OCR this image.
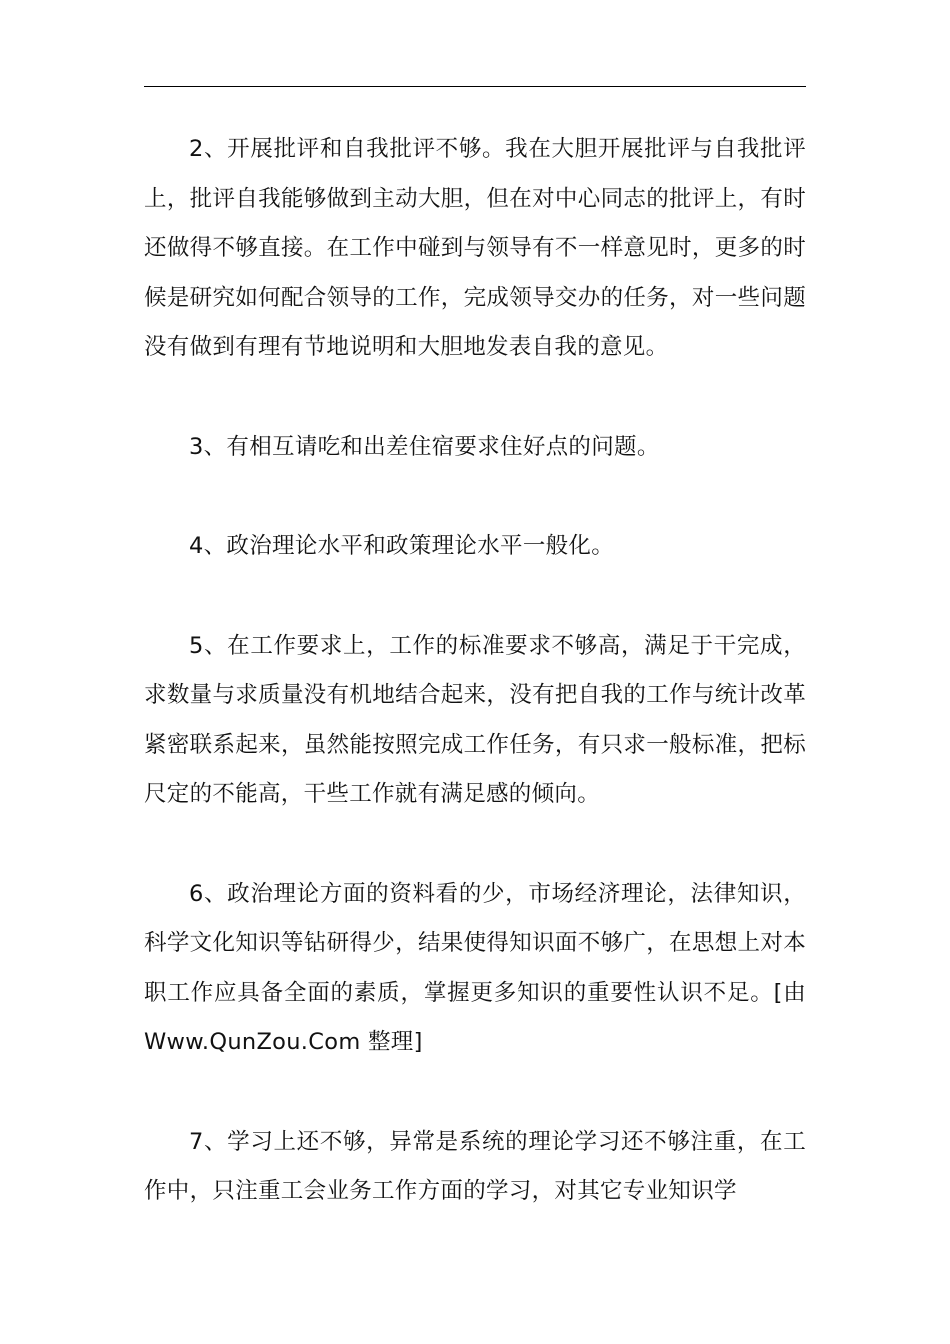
2、开展批评和自我批评不够。我在大胆开展批评与自我批评上，批评自我能够做到主动大胆，但在对中心同志的批评上，有时还做得不够直接。在工作中碰到与领导有不一样意见时，更多的时候是研究如何配合领导的工作，完成领导交办的任务，对一些问题没有做到有理有节地说明和大胆地发表自我的意见。

3、有相互请吃和出差住宿要求住好点的问题。

4、政治理论水平和政策理论水平一般化。

5、在工作要求上，工作的标准要求不够高，满足于干完成，求数量与求质量没有机地结合起来，没有把自我的工作与统计改革紧密联系起来，虽然能按照完成工作任务，有只求一般标准，把标尺定的不能高，干些工作就有满足感的倾向。

6、政治理论方面的资料看的少，市场经济理论，法律知识，科学文化知识等钻研得少，结果使得知识面不够广，在思想上对本职工作应具备全面的素质，掌握更多知识的重要性认识不足。[由 Www.QunZou.Com 整理]

7、学习上还不够，异常是系统的理论学习还不够注重，在工作中，只注重工会业务工作方面的学习，对其它专业知识学
